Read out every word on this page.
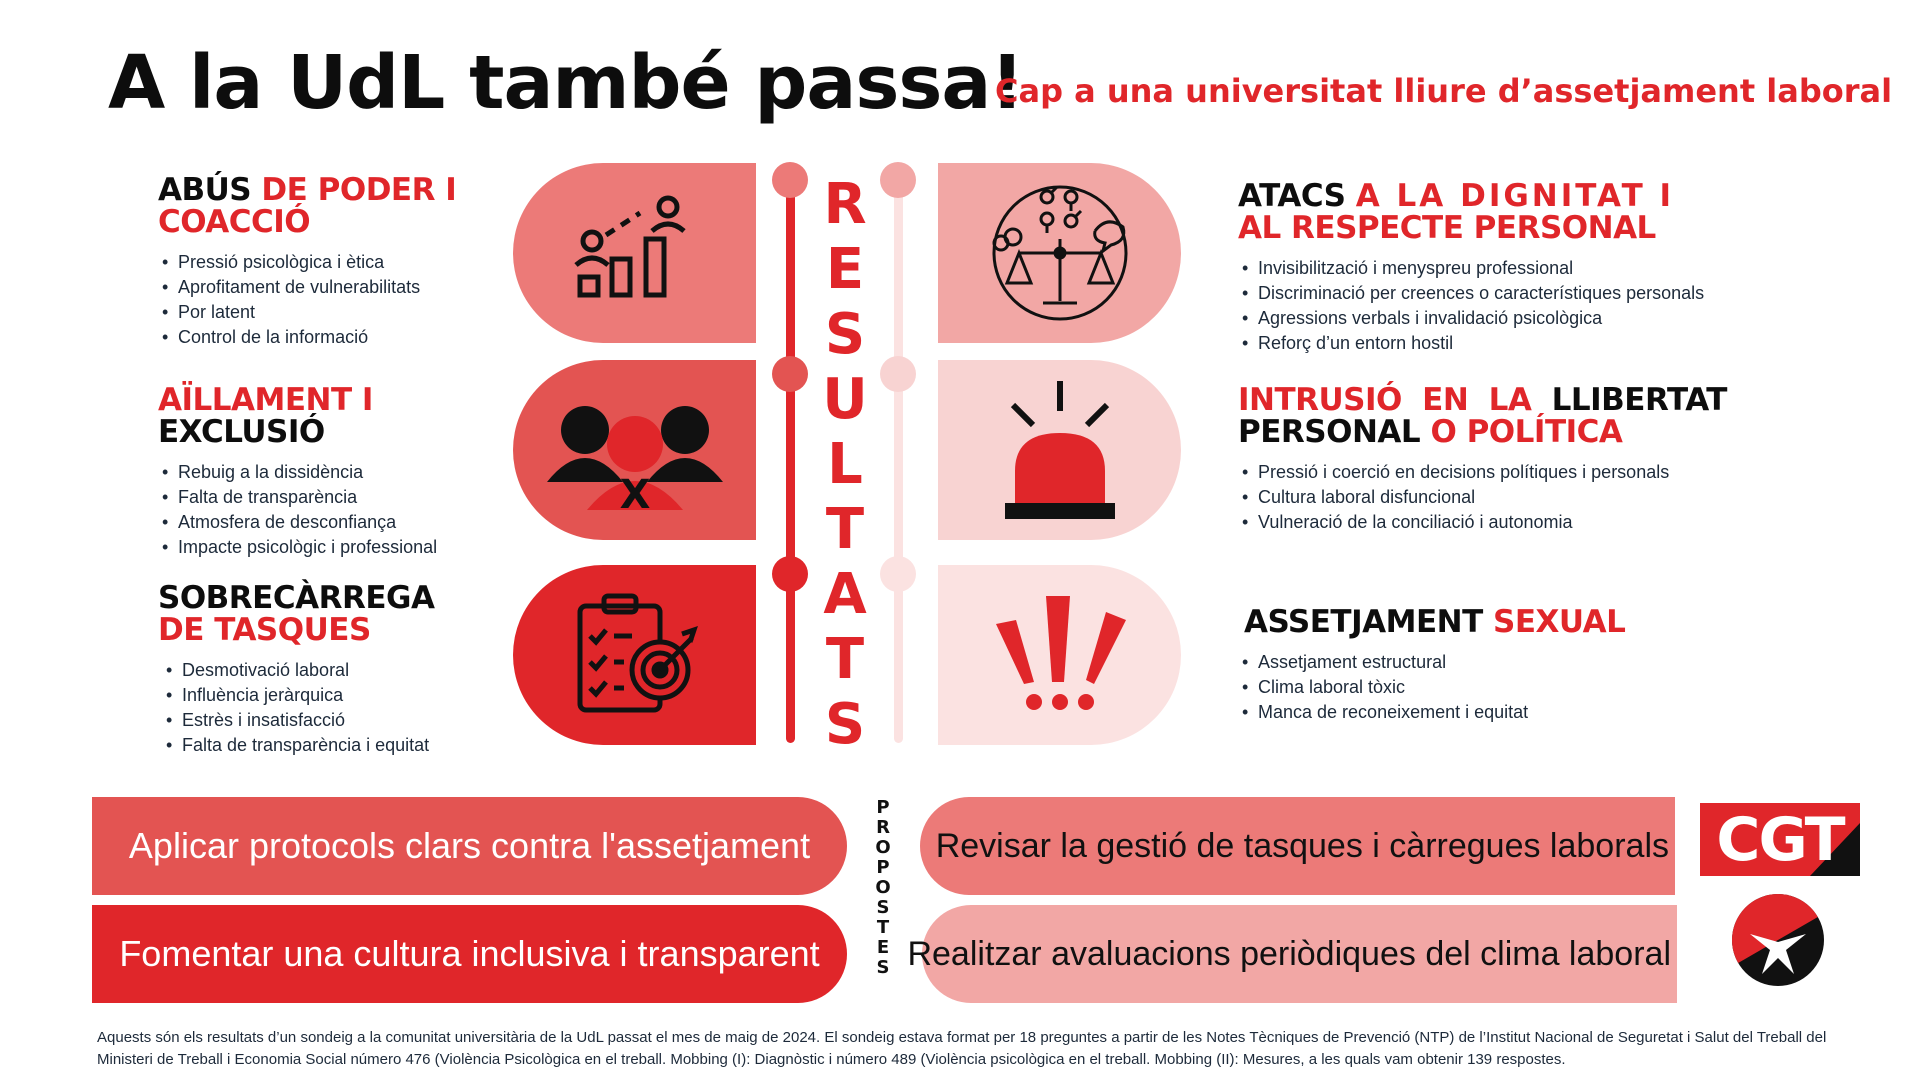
A la UdL també passa!
Cap a una universitat lliure d’assetjament laboral
ABÚS DE PODER I
COACCIÓ
• Pressió psicològica i ètica
• Aprofitament de vulnerabilitats
• Por latent
• Control de la informació
AÏLLAMENT I
EXCLUSIÓ
• Rebuig a la dissidència
• Falta de transparència
• Atmosfera de desconfiança
• Impacte psicològic i professional
SOBRECÀRREGA
DE TASQUES
• Desmotivació laboral
• Influència jeràrquica
• Estrès i insatisfacció
• Falta de transparència i equitat
ATACS A LA DIGNITAT I
AL RESPECTE PERSONAL
• Invisibilització i menyspreu professional
• Discriminació per creences o característiques personals
• Agressions verbals i invalidació psicològica
• Reforç d’un entorn hostil
INTRUSIÓ EN LA LLIBERTAT
PERSONAL O POLÍTICA
• Pressió i coerció en decisions polítiques i personals
• Cultura laboral disfuncional
• Vulneració de la conciliació i autonomia
ASSETJAMENT SEXUAL
• Assetjament estructural
• Clima laboral tòxic
• Manca de reconeixement i equitat
X
R
E
S
U
L
T
A
T
S
Aplicar protocols clars contra l'assetjament
Fomentar una cultura inclusiva i transparent
P
R
O
P
O
S
T
E
S
Revisar la gestió de tasques i càrregues laborals
Realitzar avaluacions periòdiques del clima laboral
CGT
Aquests són els resultats d’un sondeig a la comunitat universitària de la UdL passat el mes de maig de 2024. El sondeig estava format per 18 preguntes a partir de les Notes Tècniques de Prevenció (NTP) de l’Institut Nacional de Seguretat i Salut del Treball del Ministeri de Treball i Economia Social número 476 (Violència Psicològica en el treball. Mobbing (I): Diagnòstic i número 489 (Violència psicològica en el treball. Mobbing (II): Mesures, a les quals vam obtenir 139 respostes.
